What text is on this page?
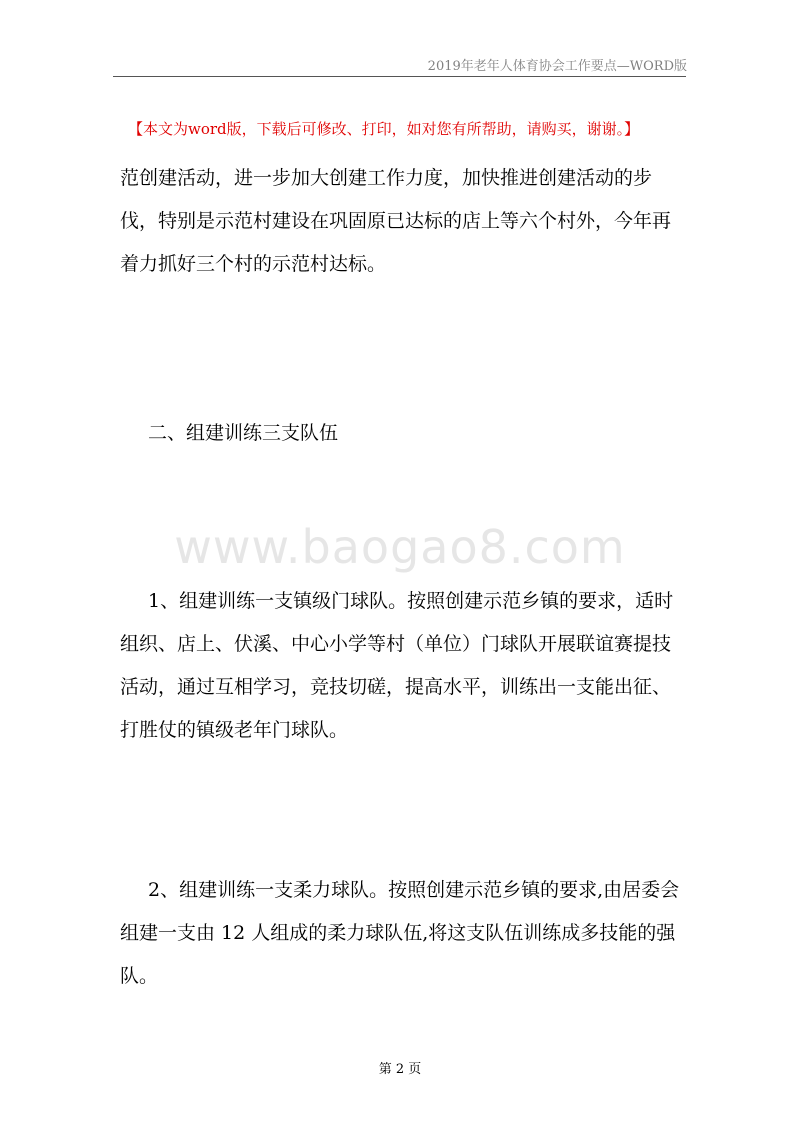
2019年老年人体育协会工作要点—WORD版
【本文为word版，下载后可修改、打印，如对您有所帮助，请购买，谢谢。】

范创建活动，进一步加大创建工作力度，加快推进创建活动的步伐，特别是示范村建设在巩固原已达标的店上等六个村外，今年再着力抓好三个村的示范村达标。

二、组建训练三支队伍

www.baogao8.com

1、组建训练一支镇级门球队。按照创建示范乡镇的要求，适时组织、店上、伏溪、中心小学等村（单位）门球队开展联谊赛提技活动，通过互相学习，竞技切磋，提高水平，训练出一支能出征、打胜仗的镇级老年门球队。

2、组建训练一支柔力球队。按照创建示范乡镇的要求,由居委会组建一支由 12 人组成的柔力球队伍,将这支队伍训练成多技能的强队。

第 2 页
